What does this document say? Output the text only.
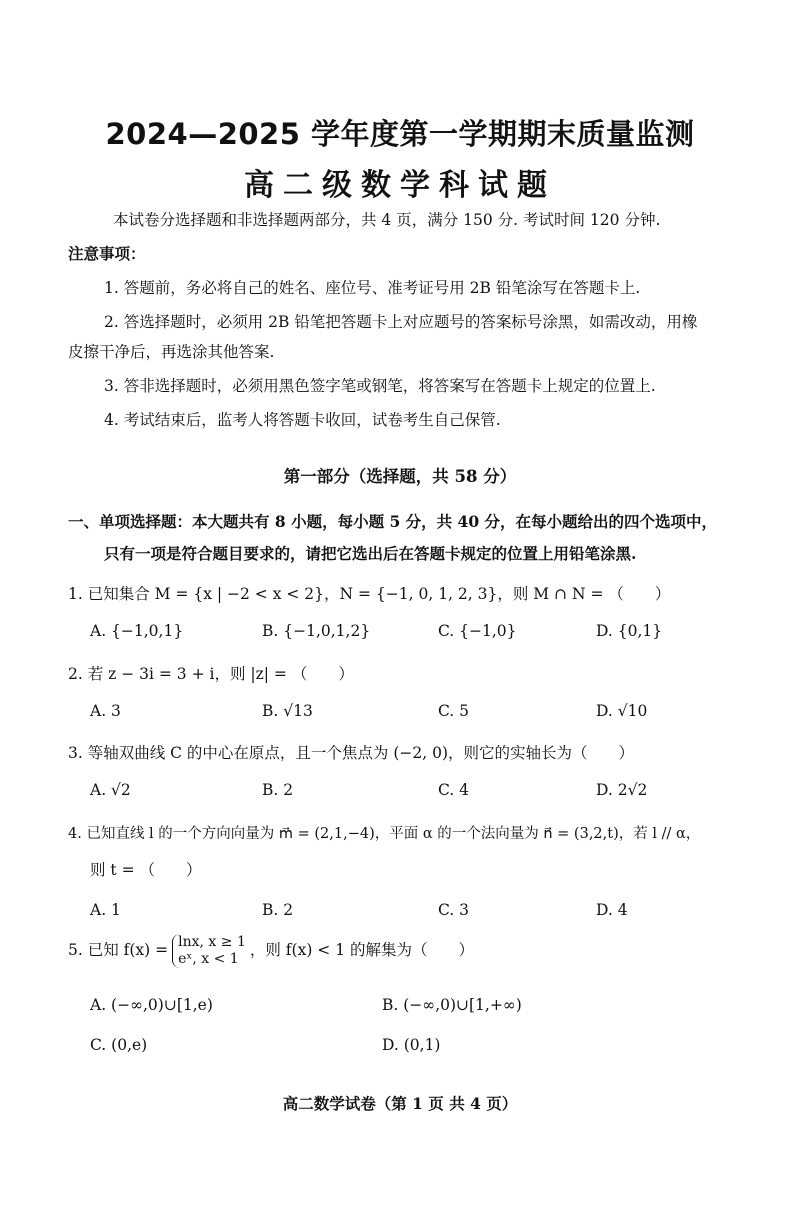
2024—2025 学年度第一学期期末质量监测
高二级数学科试题
本试卷分选择题和非选择题两部分，共 4 页，满分 150 分. 考试时间 120 分钟.
注意事项：
1. 答题前，务必将自己的姓名、座位号、准考证号用 2B 铅笔涂写在答题卡上.
2. 答选择题时，必须用 2B 铅笔把答题卡上对应题号的答案标号涂黑，如需改动，用橡
皮擦干净后，再选涂其他答案.
3. 答非选择题时，必须用黑色签字笔或钢笔，将答案写在答题卡上规定的位置上.
4. 考试结束后，监考人将答题卡收回，试卷考生自己保管.
第一部分（选择题，共 58 分）
一、单项选择题：本大题共有 8 小题，每小题 5 分，共 40 分，在每小题给出的四个选项中，
只有一项是符合题目要求的，请把它选出后在答题卡规定的位置上用铅笔涂黑.
1. 已知集合 M = {x | −2 < x < 2}，N = {−1, 0, 1, 2, 3}，则 M ∩ N = （　　）
A. {−1,0,1}	B. {−1,0,1,2}	C. {−1,0}	D. {0,1}
2. 若 z − 3i = 3 + i，则 |z| = （　　）
A. 3	B. √13	C. 5	D. √10
3. 等轴双曲线 C 的中心在原点，且一个焦点为 (−2, 0)，则它的实轴长为（　　）
A. √2	B. 2	C. 4	D. 2√2
4. 已知直线 l 的一个方向向量为 m⃗ = (2,1,−4)，平面 α 的一个法向量为 n⃗ = (3,2,t)，若 l // α，
则 t = （　　）
A. 1	B. 2	C. 3	D. 4
5. 已知 f(x) = lnx, x ≥ 1
eˣ, x < 1 ，则 f(x) < 1 的解集为（　　）
A. (−∞,0)∪[1,e)	B. (−∞,0)∪[1,+∞)
C. (0,e)	D. (0,1)
高二数学试卷（第 1 页 共 4 页）
